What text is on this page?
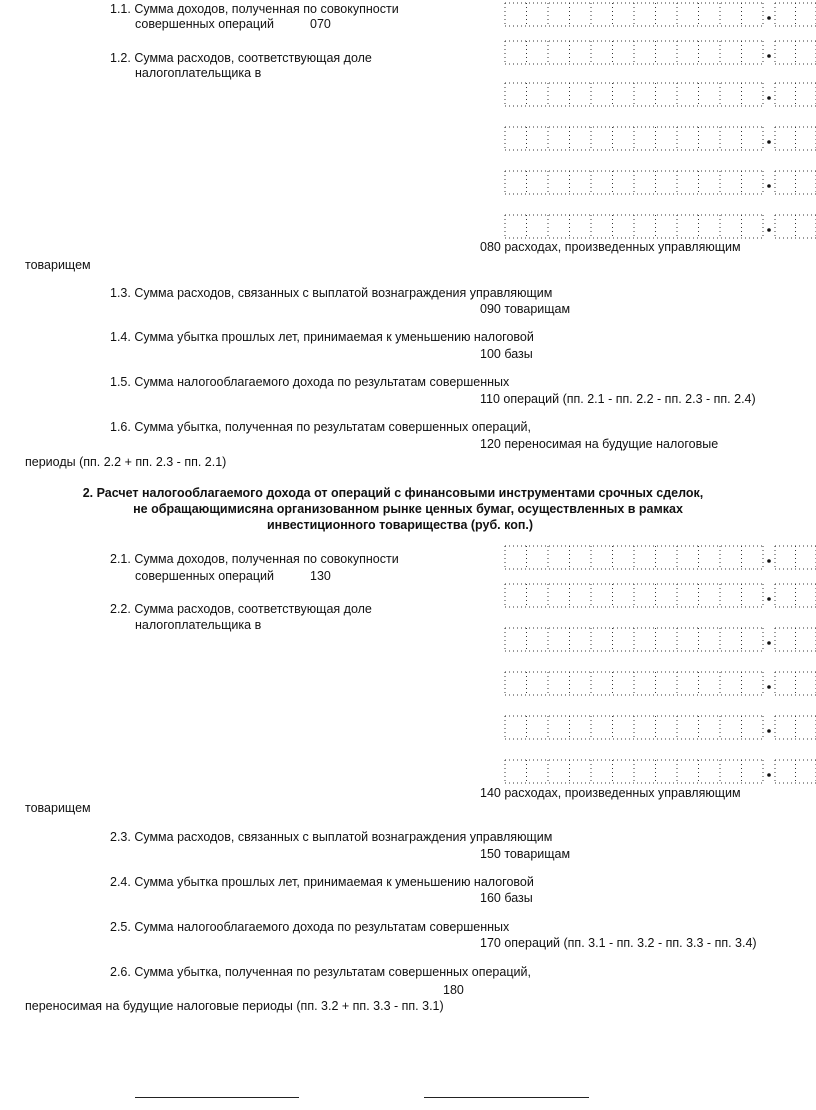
1.1. Сумма доходов, полученная по совокупности
совершенных операций	070
1.2. Сумма расходов, соответствующая доле
налогоплательщика в
080 расходах, произведенных управляющим
товарищем
1.3. Сумма расходов, связанных с выплатой вознаграждения управляющим
090 товарищам
1.4. Сумма убытка прошлых лет, принимаемая к уменьшению налоговой
100 базы
1.5. Сумма налогооблагаемого дохода по результатам совершенных
110 операций (пп. 2.1 - пп. 2.2 - пп. 2.3 - пп. 2.4)
1.6. Сумма убытка, полученная по результатам совершенных операций,
120 переносимая на будущие налоговые
периоды (пп. 2.2 + пп. 2.3 - пп. 2.1)
2. Расчет налогооблагаемого дохода от операций с финансовыми инструментами срочных сделок,
не обращающимисяна организованном рынке ценных бумаг, осуществленных в рамках
инвестиционного товарищества (руб. коп.)
2.1. Сумма доходов, полученная по совокупности
совершенных операций	130
2.2. Сумма расходов, соответствующая доле
налогоплательщика в
140 расходах, произведенных управляющим
товарищем
2.3. Сумма расходов, связанных с выплатой вознаграждения управляющим
150 товарищам
2.4. Сумма убытка прошлых лет, принимаемая к уменьшению налоговой
160 базы
2.5. Сумма налогооблагаемого дохода по результатам совершенных
170 операций (пп. 3.1 - пп. 3.2 - пп. 3.3 - пп. 3.4)
2.6. Сумма убытка, полученная по результатам совершенных операций,
180
переносимая на будущие налоговые периоды (пп. 3.2 + пп. 3.3 - пп. 3.1)
